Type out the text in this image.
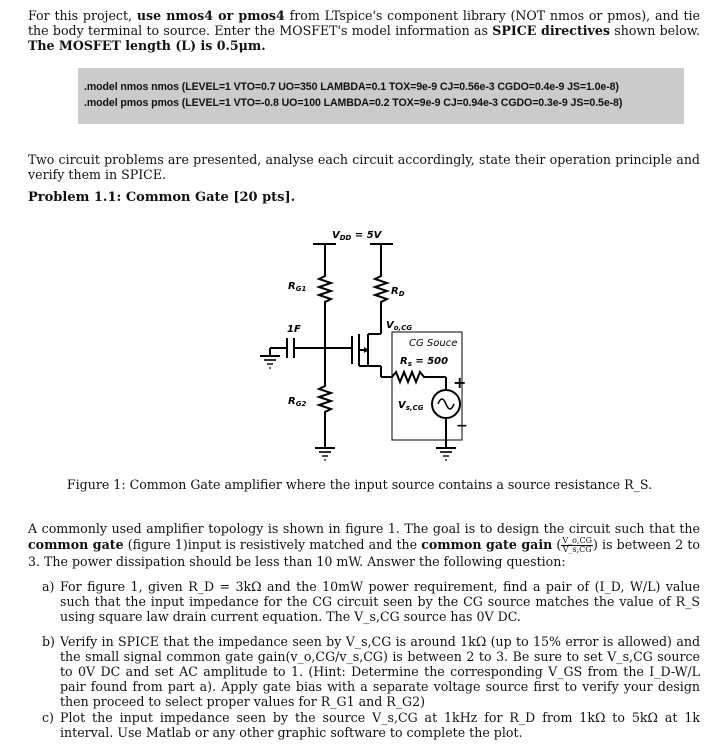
For this project, use nmos4 or pmos4 from LTspice's component library (NOT nmos or pmos), and tie the body terminal to source. Enter the MOSFET's model information as SPICE directives shown below. The MOSFET length (L) is 0.5μm.
.model nmos nmos (LEVEL=1 VTO=0.7 UO=350 LAMBDA=0.1 TOX=9e-9 CJ=0.56e-3 CGDO=0.4e-9 JS=1.0e-8)
.model pmos pmos (LEVEL=1 VTO=-0.8 UO=100 LAMBDA=0.2 TOX=9e-9 CJ=0.94e-3 CGDO=0.3e-9 JS=0.5e-8)
Two circuit problems are presented, analyse each circuit accordingly, state their operation principle and verify them in SPICE.
Problem 1.1: Common Gate [20 pts].
$V_{DD} = 5V$
$R_{G1}$	$R_D$
$V_{o,CG}$
1F
CG Souce
$R_s = 500$
+
$V_{s,CG}$
−
$R_{G2}$
Figure 1: Common Gate amplifier where the input source contains a source resistance R_S.
A commonly used amplifier topology is shown in figure 1. The goal is to design the circuit such that the common gate (figure 1)input is resistively matched and the common gate gain ( $\frac{V\_o,CG}{V\_s,CG}$ ) is between 2 to 3. The power dissipation should be less than 10 mW. Answer the following question:
a) For figure 1, given R_D = 3kΩ and the 10mW power requirement, find a pair of (I_D, W/L) value such that the input impedance for the CG circuit seen by the CG source matches the value of R_S using square law drain current equation. The V_s,CG source has 0V DC.
b) Verify in SPICE that the impedance seen by V_s,CG is around 1kΩ (up to 15% error is allowed) and the small signal common gate gain(v_o,CG/v_s,CG) is between 2 to 3. Be sure to set V_s,CG source to 0V DC and set AC amplitude to 1. (Hint: Determine the corresponding V_GS from the I_D-W/L pair found from part a). Apply gate bias with a separate voltage source first to verify your design then proceed to select proper values for R_G1 and R_G2)
c) Plot the input impedance seen by the source V_s,CG at 1kHz for R_D from 1kΩ to 5kΩ at 1k interval. Use Matlab or any other graphic software to complete the plot.
